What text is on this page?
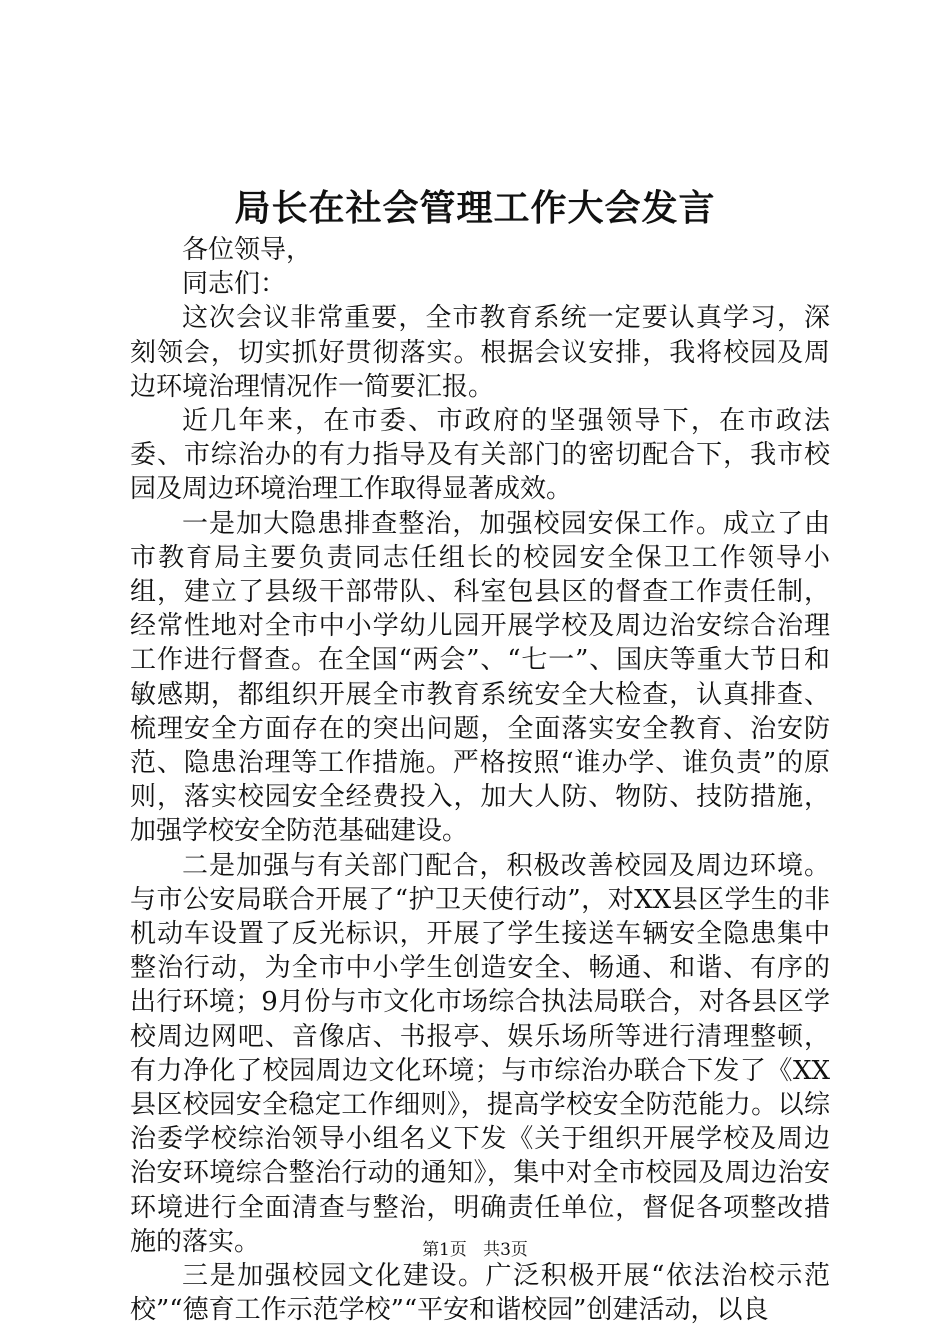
局长在社会管理工作大会发言

各位领导，

同志们：

这次会议非常重要，全市教育系统一定要认真学习，深刻领会，切实抓好贯彻落实。根据会议安排，我将校园及周边环境治理情况作一简要汇报。

近几年来，在市委、市政府的坚强领导下，在市政法委、市综治办的有力指导及有关部门的密切配合下，我市校园及周边环境治理工作取得显著成效。

一是加大隐患排查整治，加强校园安保工作。成立了由市教育局主要负责同志任组长的校园安全保卫工作领导小组，建立了县级干部带队、科室包县区的督查工作责任制，经常性地对全市中小学幼儿园开展学校及周边治安综合治理工作进行督查。在全国“两会”、“七一”、国庆等重大节日和敏感期，都组织开展全市教育系统安全大检查，认真排查、梳理安全方面存在的突出问题，全面落实安全教育、治安防范、隐患治理等工作措施。严格按照“谁办学、谁负责”的原则，落实校园安全经费投入，加大人防、物防、技防措施，加强学校安全防范基础建设。

二是加强与有关部门配合，积极改善校园及周边环境。与市公安局联合开展了“护卫天使行动”，对XX县区学生的非机动车设置了反光标识，开展了学生接送车辆安全隐患集中整治行动，为全市中小学生创造安全、畅通、和谐、有序的出行环境；9月份与市文化市场综合执法局联合，对各县区学校周边网吧、音像店、书报亭、娱乐场所等进行清理整顿，有力净化了校园周边文化环境；与市综治办联合下发了《XX县区校园安全稳定工作细则》，提高学校安全防范能力。以综治委学校综治领导小组名义下发《关于组织开展学校及周边治安环境综合整治行动的通知》，集中对全市校园及周边治安环境进行全面清查与整治，明确责任单位，督促各项整改措施的落实。

三是加强校园文化建设。广泛积极开展“依法治校示范校”“德育工作示范学校”“平安和谐校园”创建活动，以良

第1页 共3页
